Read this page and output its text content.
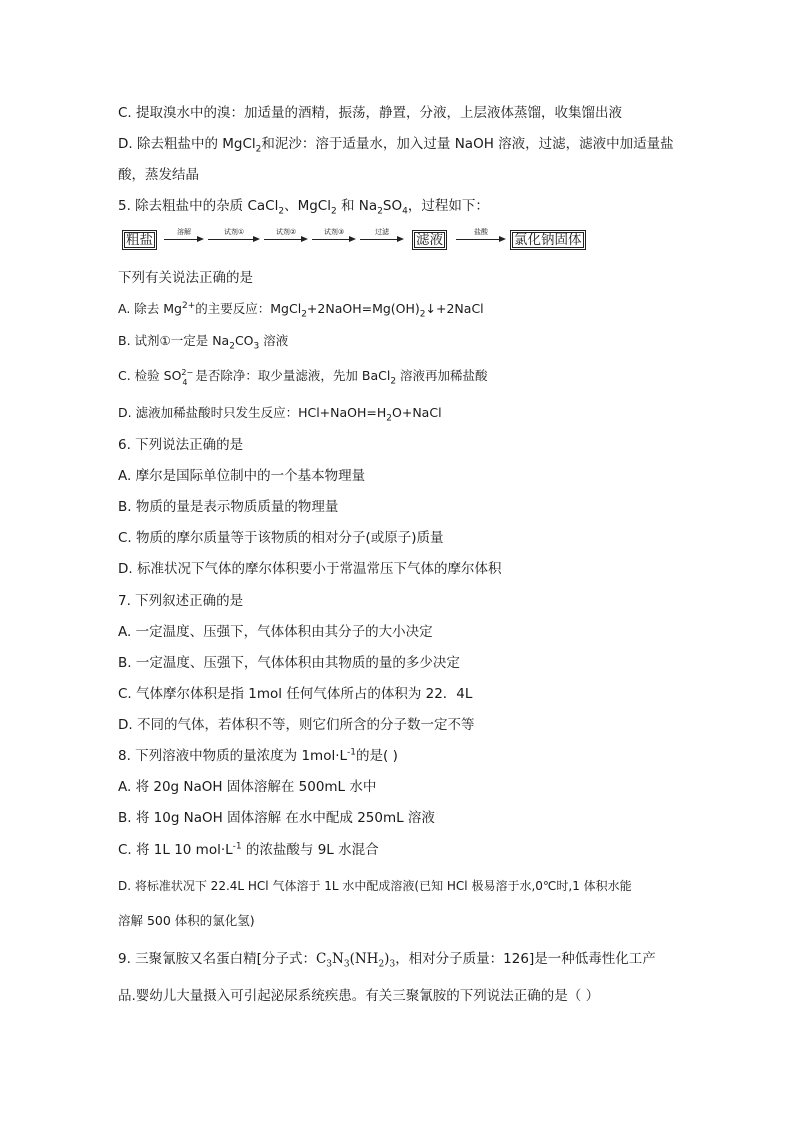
C. 提取溴水中的溴：加适量的酒精，振荡，静置，分液，上层液体蒸馏，收集馏出液
D. 除去粗盐中的 MgCl$_2$和泥沙：溶于适量水，加入过量 NaOH 溶液，过滤，滤液中加适量盐
酸，蒸发结晶
5. 除去粗盐中的杂质 CaCl$_2$、MgCl$_2$ 和 $Na_2SO_4$，过程如下：
粗盐	溶解	试剂①	试剂②	试剂③	过滤	滤液	盐酸	氯化钠固体
下列有关说法正确的是
A. 除去 $Mg^{2+}$的主要反应：$MgCl_2+2NaOH=Mg(OH)_2↓+2NaCl$
B. 试剂①一定是 $Na_2CO_3$ 溶液
C. 检验 SO 2−
4 是否除净：取少量滤液，先加 BaCl$_2$ 溶液再加稀盐酸
D. 滤液加稀盐酸时只发生反应：$HCl+NaOH=H_2O+NaCl$
6. 下列说法正确的是
A. 摩尔是国际单位制中的一个基本物理量
B. 物质的量是表示物质质量的物理量
C. 物质的摩尔质量等于该物质的相对分子(或原子)质量
D. 标准状况下气体的摩尔体积要小于常温常压下气体的摩尔体积
7. 下列叙述正确的是
A. 一定温度、压强下，气体体积由其分子的大小决定
B. 一定温度、压强下，气体体积由其物质的量的多少决定
C. 气体摩尔体积是指 1mol 任何气体所占的体积为 22．4L
D. 不同的气体，若体积不等，则它们所含的分子数一定不等
8. 下列溶液中物质的量浓度为 $1mol\cdot L^{-1}$的是( )
A. 将 20g NaOH 固体溶解在 500mL 水中
B. 将 10g NaOH 固体溶解 在水中配成 250mL 溶液
C. 将 1L 10 $mol\cdot L^{-1}$ 的浓盐酸与 9L 水混合
D. 将标准状况下 22.4L HCl 气体溶于 1L 水中配成溶液(已知 HCl 极易溶于水,0℃时,1 体积水能
溶解 500 体积的氯化氢)
9. 三聚氰胺又名蛋白精[分子式：$C_3N_3(NH_2)_3$，相对分子质量：126]是一种低毒性化工产
品.婴幼儿大量摄入可引起泌尿系统疾患。有关三聚氰胺的下列说法正确的是（ ）
